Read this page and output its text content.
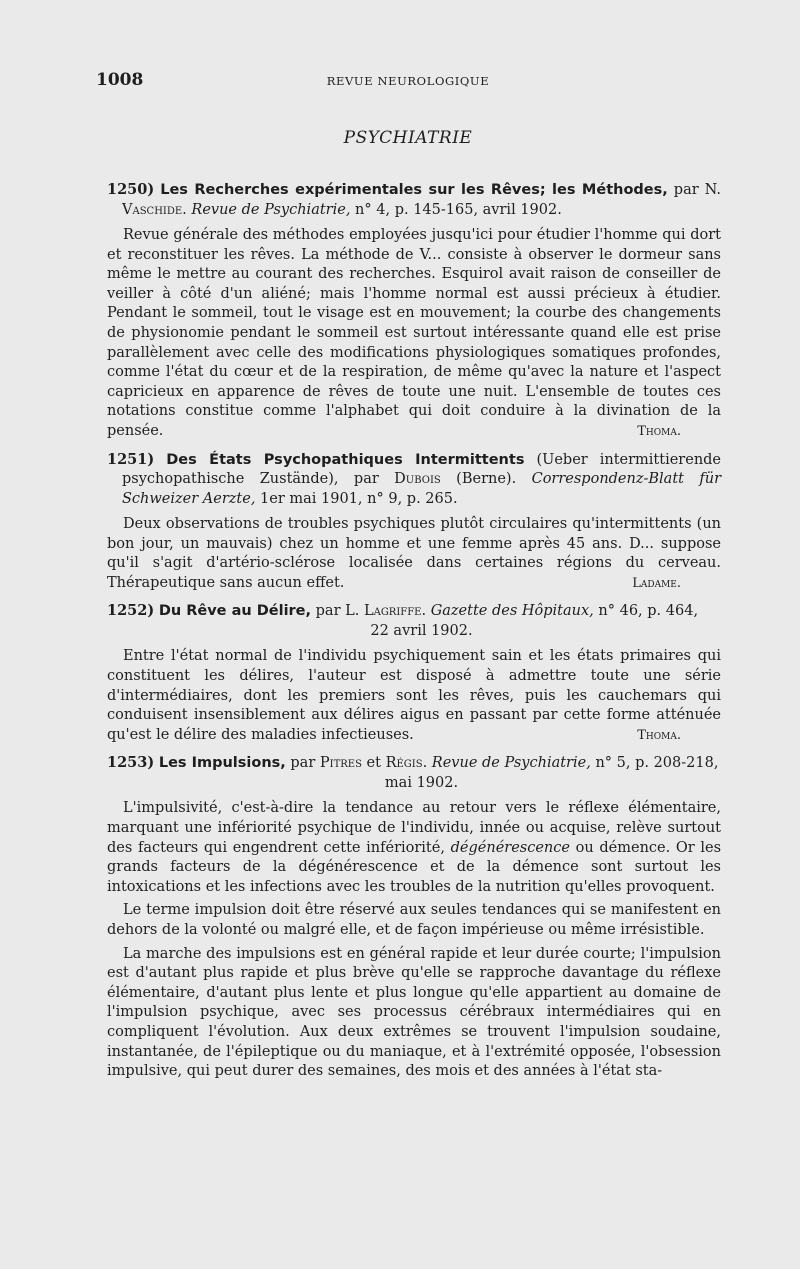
1008	REVUE NEUROLOGIQUE
PSYCHIATRIE

1250) Les Recherches expérimentales sur les Rêves; les Méthodes, par N. Vaschide. Revue de Psychiatrie, n° 4, p. 145-165, avril 1902.

Revue générale des méthodes employées jusqu'ici pour étudier l'homme qui dort et reconstituer les rêves. La méthode de V... consiste à observer le dormeur sans même le mettre au courant des recherches. Esquirol avait raison de conseiller de veiller à côté d'un aliéné; mais l'homme normal est aussi précieux à étudier. Pendant le sommeil, tout le visage est en mouvement; la courbe des changements de physionomie pendant le sommeil est surtout intéressante quand elle est prise parallèlement avec celle des modifications physiologiques somatiques profondes, comme l'état du cœur et de la respiration, de même qu'avec la nature et l'aspect capricieux en apparence de rêves de toute une nuit. L'ensemble de toutes ces notations constitue comme l'alphabet qui doit conduire à la divination de la pensée.	Thoma.

1251) Des États Psychopathiques Intermittents (Ueber intermittierende psychopathische Zustände), par Dubois (Berne). Correspondenz-Blatt für Schweizer Aerzte, 1er mai 1901, n° 9, p. 265.

Deux observations de troubles psychiques plutôt circulaires qu'intermittents (un bon jour, un mauvais) chez un homme et une femme après 45 ans. D... suppose qu'il s'agit d'artério-sclérose localisée dans certaines régions du cerveau. Thérapeutique sans aucun effet.	Ladame.

1252) Du Rêve au Délire, par L. Lagriffe. Gazette des Hôpitaux, n° 46, p. 464,
22 avril 1902.

Entre l'état normal de l'individu psychiquement sain et les états primaires qui constituent les délires, l'auteur est disposé à admettre toute une série d'intermédiaires, dont les premiers sont les rêves, puis les cauchemars qui conduisent insensiblement aux délires aigus en passant par cette forme atténuée qu'est le délire des maladies infectieuses.	Thoma.

1253) Les Impulsions, par Pitres et Régis. Revue de Psychiatrie, n° 5, p. 208-218,
mai 1902.

L'impulsivité, c'est-à-dire la tendance au retour vers le réflexe élémentaire, marquant une infériorité psychique de l'individu, innée ou acquise, relève surtout des facteurs qui engendrent cette infériorité, dégénérescence ou démence. Or les grands facteurs de la dégénérescence et de la démence sont surtout les intoxications et les infections avec les troubles de la nutrition qu'elles provoquent.

Le terme impulsion doit être réservé aux seules tendances qui se manifestent en dehors de la volonté ou malgré elle, et de façon impérieuse ou même irrésistible.

La marche des impulsions est en général rapide et leur durée courte; l'impulsion est d'autant plus rapide et plus brève qu'elle se rapproche davantage du réflexe élémentaire, d'autant plus lente et plus longue qu'elle appartient au domaine de l'impulsion psychique, avec ses processus cérébraux intermédiaires qui en compliquent l'évolution. Aux deux extrêmes se trouvent l'impulsion soudaine, instantanée, de l'épileptique ou du maniaque, et à l'extrémité opposée, l'obsession impulsive, qui peut durer des semaines, des mois et des années à l'état sta-
